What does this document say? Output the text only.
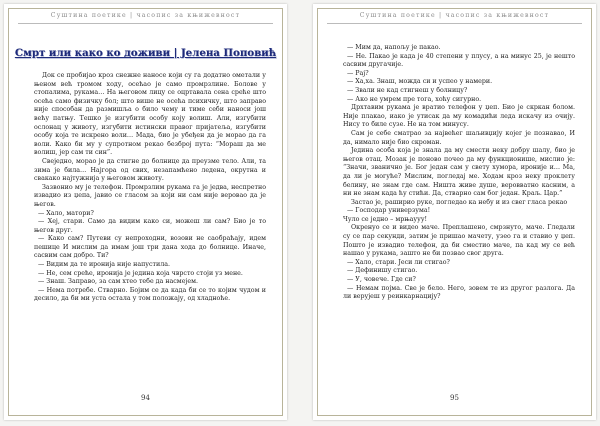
Суштина поетике | часопис за књижевност
Смрт или како ко доживи | Јелена Поповић

Док се пробијао кроз снежне наносе који су га додатно ометали у њеном већ тромом ходу, осећао је само промрзлине. Болове у стопалима, рукама… На његовом лицу се оцртавала сена среће што осећа само физичку бол; што више не осећа психичку, што заправо није способан да размишља о било чему и тиме себи наноси још већу патњу. Тешко је изгубити особу коју волиш. Али, изгубити ослонац у животу, изгубити истински правог пријатеља, изгубити особу која те искрено воли… Мада, био је убеђен да је морао да га воли. Како би му у супротном рекао безброј пута: “Мораш да ме волиш, јер сам ти син”.

Свеједно, морао је да стигне до болнице да преузме тело. Али, та зима је била… Најгора од свих, незапамћено ледена, окрутна и свакако најтужнија у његовом животу.

Зазвонио му је телефон. Промрзлим рукама га је једва, неспретно извадио из џепа, јавио се гласом за који ни сам није веровао да је његов.

— Хало, матори?

— Хеј, стари. Само да видим како си, можеш ли сам? Био је то његов друг.

— Како сам? Путеви су непроходни, возови не саобраћају, идем пешице И мислим да имам још три дана хода до болнице. Иначе, сасвим сам добро. Ти?

— Видим да те иронија није напустила.

— Не, сем среће, иронија је једина која чврсто стоји уз мене.

— Знаш. Заправо, за сам хтео тебе да насмејем.

— Нема потребе. Стварно. Бојим се да када би се то којим чудом и десило, да би ми уста остала у том положају, од хладноће.

94
Суштина поетике | часопис за књижевност

— Мим да, напољу је пакао.

— Не. Пакао је када је 40 степени у плусу, а на минус 25, је нешто сасвим другачије.

— Рај?

— Ха,ха. Знаш, можда си и успео у намери.

— Звали не кад стигнеш у болницу?

— Ако не умрем пре тога, хоћу сигурно.

Дрхтавим рукама је вратио телефон у џеп. Био је скркан болом. Није плакао, иако је утисак да му комадићи леда искачу из очију. Нису то биле сузе. Не на том минусу.

Сам је себе сматрао за највећег шаљивџију којег је познавао, И да, нимало није био скроман.

Једина особа која је знала да му смести неку добру шалу, био је његов отац. Мозак је поново почео да му функционише, мислио је: “Значи, званично је. Бог један сам у свету хумора, ироније и… Ма, да ли је могуће? Мислим, погледај ме. Ходам кроз неку проклету белину, не знам где сам. Ништа живе душе, веровватно касним, а ни не знам када ћу стићи. Да, стварно сам бог један. Краљ. Цар.”

Застао је, раширио руке, погледао ка небу и из свег гласа рекао

— Господар универзума!

Чуло се једно – мрњаууу!

Окренуо се и видео маче. Преплашено, смрзнуто, маче. Гледали су се пар секунди, затим је пришао мачету, узео га и ставио у џеп. Пошто је извадио телефон, да би сместио маче, па кад му се већ нашао у рукама, зашто не би позвао свог друга.

— Хало, стари. Јеси ли стигао?

— Дефинишу стигао.

— У, човече. Где си?

— Немам појма. Све је бело. Него, зовем те из другог разлога. Да ли верујеш у реинкарнацију?

95
